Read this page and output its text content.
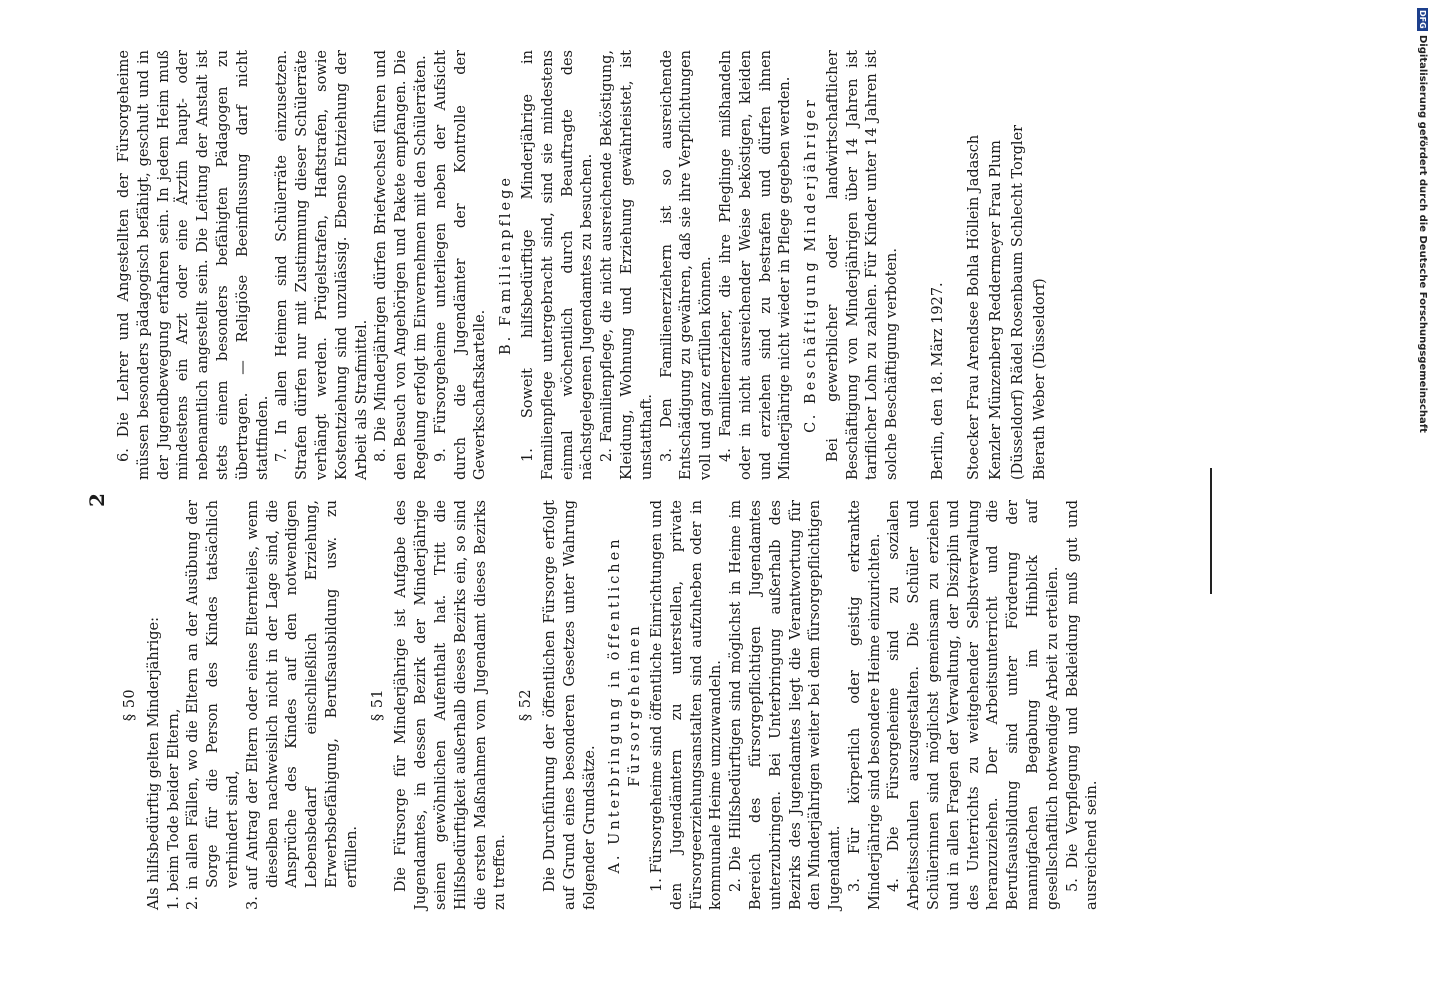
2
§ 50 Als hilfsbedürftig gelten Minderjährige: 1. beim Tode beider Eltern, 2. in allen Fällen, wo die Eltern an der Ausübung der Sorge für die Person des Kindes tatsächlich verhindert sind, 3. auf Antrag der Eltern oder eines Elternteiles, wenn dieselben nachweislich nicht in der Lage sind, die Ansprüche des Kindes auf den notwendigen Lebensbedarf einschließlich Erziehung, Erwerbsbefähigung, Berufsausbildung usw. zu erfüllen.

§ 51 Die Fürsorge für Minderjährige ist Aufgabe des Jugendamtes, in dessen Bezirk der Minderjährige seinen gewöhnlichen Aufenthalt hat. Tritt die Hilfsbedürftigkeit außerhalb dieses Bezirks ein, so sind die ersten Maßnahmen vom Jugendamt dieses Bezirks zu treffen.

§ 52 Die Durchführung der öffentlichen Fürsorge erfolgt auf Grund eines besonderen Gesetzes unter Wahrung folgender Grundsätze. A. Unterbringung in öffentlichen Fürsorgeheimen 1. Fürsorgeheime sind öffentliche Einrichtungen und den Jugendämtern zu unterstellen, private Fürsorgeerziehungsanstalten sind aufzuheben oder in kommunale Heime umzuwandeln. 2. Die Hilfsbedürftigen sind möglichst in Heime im Bereich des fürsorgepflichtigen Jugendamtes unterzubringen. Bei Unterbringung außerhalb des Bezirks des Jugendamtes liegt die Verantwortung für den Minderjährigen weiter bei dem fürsorgepflichtigen Jugendamt. 3. Für körperlich oder geistig erkrankte Minderjährige sind besondere Heime einzurichten. 4. Die Fürsorgeheime sind zu sozialen Arbeitsschulen auszugestalten. Die Schüler und Schülerinnen sind möglichst gemeinsam zu erziehen und in allen Fragen der Verwaltung, der Disziplin und des Unterrichts zu weitgehender Selbstverwaltung heranzuziehen. Der Arbeitsunterricht und die Berufsausbildung sind unter Förderung der mannigfachen Begabung im Hinblick auf gesellschaftlich notwendige Arbeit zu erteilen. 5. Die Verpflegung und Bekleidung muß gut und ausreichend sein.

6. Die Lehrer und Angestellten der Fürsorgeheime müssen besonders pädagogisch befähigt, geschult und in der Jugendbewegung erfahren sein. In jedem Heim muß mindestens ein Arzt oder eine Ärztin haupt- oder nebenamtlich angestellt sein. Die Leitung der Anstalt ist stets einem besonders befähigten Pädagogen zu übertragen. — Religiöse Beeinflussung darf nicht stattfinden. 7. In allen Heimen sind Schülerräte einzusetzen. Strafen dürfen nur mit Zustimmung dieser Schülerräte verhängt werden. Prügelstrafen, Haftstrafen, sowie Kostentziehung sind unzulässig. Ebenso Entziehung der Arbeit als Strafmittel. 8. Die Minderjährigen dürfen Briefwechsel führen und den Besuch von Angehörigen und Pakete empfangen. Die Regelung erfolgt im Einvernehmen mit den Schülerräten. 9. Fürsorgeheime unterliegen neben der Aufsicht durch die Jugendämter der Kontrolle der Gewerkschaftskartelle.

B. Familienpflege 1. Soweit hilfsbedürftige Minderjährige in Familienpflege untergebracht sind, sind sie mindestens einmal wöchentlich durch Beauftragte des nächstgelegenen Jugendamtes zu besuchen. 2. Familienpflege, die nicht ausreichende Beköstigung, Kleidung, Wohnung und Erziehung gewährleistet, ist unstatthaft. 3. Den Familienerziehern ist so ausreichende Entschädigung zu gewähren, daß sie ihre Verpflichtungen voll und ganz erfüllen können. 4. Familienerzieher, die ihre Pfleglinge mißhandeln oder in nicht ausreichender Weise beköstigen, kleiden und erziehen sind zu bestrafen und dürfen ihnen Minderjährige nicht wieder in Pflege gegeben werden. C. Beschäftigung Minderjähriger Bei gewerblicher oder landwirtschaftlicher Beschäftigung von Minderjährigen über 14 Jahren ist tariflicher Lohn zu zahlen. Für Kinder unter 14 Jahren ist solche Beschäftigung verboten. Berlin, den 18. März 1927. Stoecker Frau Arendsee Bohla Höllein Jadasch Kenzler Münzenberg Reddermeyer Frau Plum (Düsseldorf) Rädel Rosenbaum Schlecht Torgler Bierath Weber (Düsseldorf)

DFG
Digitalisierung gefördert durch die Deutsche Forschungsgemeinschaft
